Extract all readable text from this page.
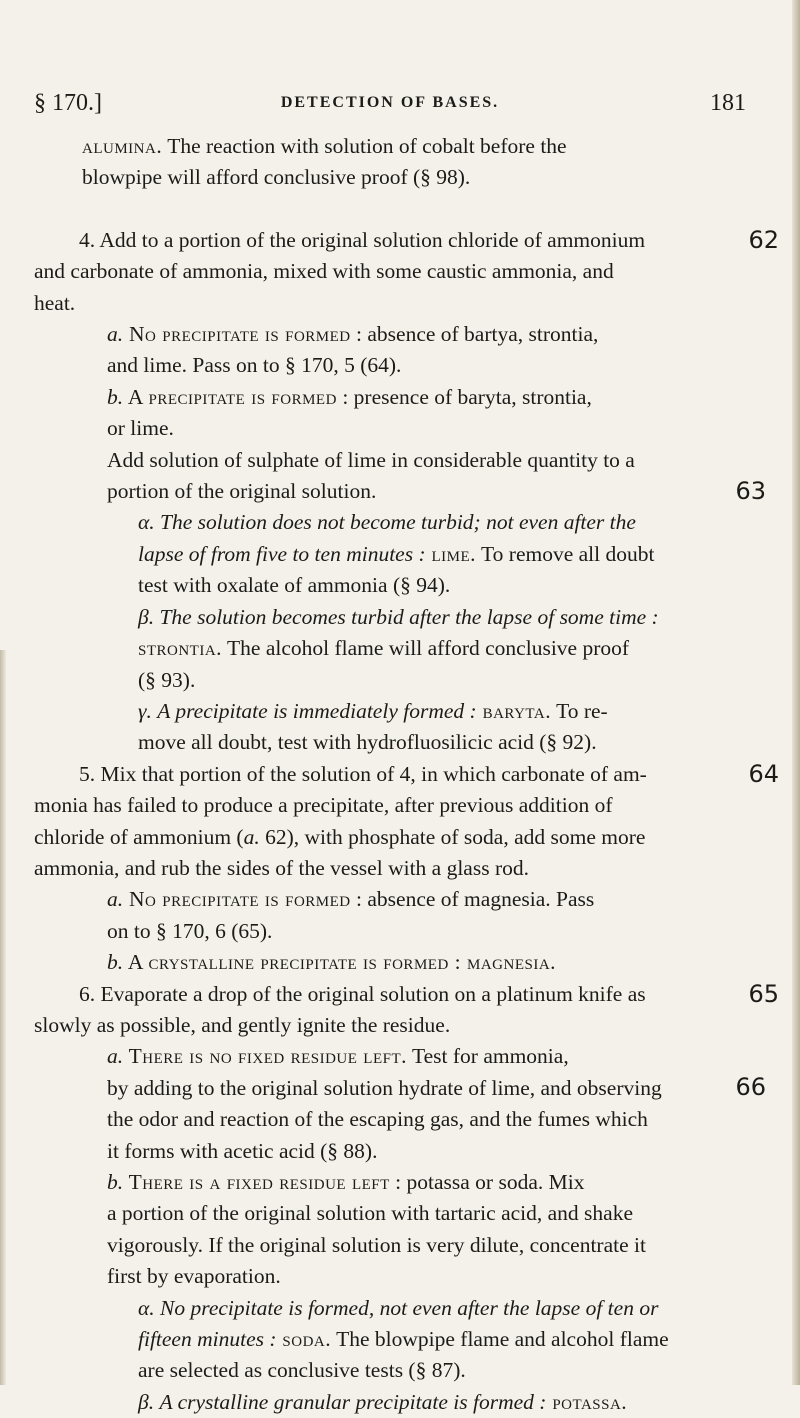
§ 170.]	DETECTION OF BASES.	181

alumina. The reaction with solution of cobalt before the
blowpipe will afford conclusive proof (§ 98).

4. Add to a portion of the original solution chloride of ammonium	62
and carbonate of ammonia, mixed with some caustic ammonia, and
heat.

a. No precipitate is formed : absence of bartya, strontia,
and lime. Pass on to § 170, 5 (64).

b. A precipitate is formed : presence of baryta, strontia,
or lime.
Add solution of sulphate of lime in considerable quantity to a
portion of the original solution.

α. The solution does not become turbid; not even after the
lapse of from five to ten minutes : lime. To remove all doubt
test with oxalate of ammonia (§ 94).

β. The solution becomes turbid after the lapse of some time :
strontia. The alcohol flame will afford conclusive proof
(§ 93).

γ. A precipitate is immediately formed : baryta. To re-
move all doubt, test with hydrofluosilicic acid (§ 92).

5. Mix that portion of the solution of 4, in which carbonate of am-	64
monia has failed to produce a precipitate, after previous addition of
chloride of ammonium (a. 62), with phosphate of soda, add some more
ammonia, and rub the sides of the vessel with a glass rod.

a. No precipitate is formed : absence of magnesia. Pass
on to § 170, 6 (65).

b. A crystalline precipitate is formed : magnesia.

6. Evaporate a drop of the original solution on a platinum knife as	65
slowly as possible, and gently ignite the residue.

a. There is no fixed residue left. Test for ammonia,
by adding to the original solution hydrate of lime, and observing
the odor and reaction of the escaping gas, and the fumes which
it forms with acetic acid (§ 88).

b. There is a fixed residue left : potassa or soda. Mix
a portion of the original solution with tartaric acid, and shake
vigorously. If the original solution is very dilute, concentrate it
first by evaporation.

α. No precipitate is formed, not even after the lapse of ten or
fifteen minutes : soda. The blowpipe flame and alcohol flame
are selected as conclusive tests (§ 87).

β. A crystalline granular precipitate is formed : potassa.

63
66
